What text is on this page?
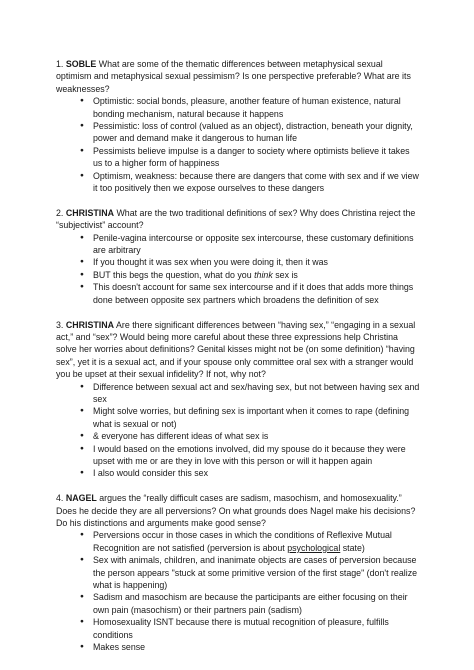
1. SOBLE What are some of the thematic differences between metaphysical sexual optimism and metaphysical sexual pessimism? Is one perspective preferable? What are its weaknesses?

● Optimistic: social bonds, pleasure, another feature of human existence, natural bonding mechanism, natural because it happens
● Pessimistic: loss of control (valued as an object), distraction, beneath your dignity, power and demand make it dangerous to human life
● Pessimists believe impulse is a danger to society where optimists believe it takes us to a higher form of happiness
● Optimism, weakness: because there are dangers that come with sex and if we view it too positively then we expose ourselves to these dangers

2. CHRISTINA What are the two traditional definitions of sex? Why does Christina reject the “subjectivist” account?

● Penile-vagina intercourse or opposite sex intercourse, these customary definitions are arbitrary
● If you thought it was sex when you were doing it, then it was
● BUT this begs the question, what do you think sex is
● This doesn't account for same sex intercourse and if it does that adds more things done between opposite sex partners which broadens the definition of sex

3. CHRISTINA Are there significant differences between “having sex,” “engaging in a sexual act,” and “sex”? Would being more careful about these three expressions help Christina solve her worries about definitions? Genital kisses might not be (on some definition) “having sex”, yet it is a sexual act, and if your spouse only committee oral sex with a stranger would you be upset at their sexual infidelity? If not, why not?

● Difference between sexual act and sex/having sex, but not between having sex and sex
● Might solve worries, but defining sex is important when it comes to rape (defining what is sexual or not)
● & everyone has different ideas of what sex is
● I would based on the emotions involved, did my spouse do it because they were upset with me or are they in love with this person or will it happen again
● I also would consider this sex

4. NAGEL argues the “really difficult cases are sadism, masochism, and homosexuality.” Does he decide they are all perversions? On what grounds does Nagel make his decisions? Do his distinctions and arguments make good sense?

● Perversions occur in those cases in which the conditions of Reflexive Mutual Recognition are not satisfied (perversion is about psychological state)
● Sex with animals, children, and inanimate objects are cases of perversion because the person appears "stuck at some primitive version of the first stage" (don't realize what is happening)
● Sadism and masochism are because the participants are either focusing on their own pain (masochism) or their partners pain (sadism)
● Homosexuality ISNT because there is mutual recognition of pleasure, fulfills conditions
● Makes sense
